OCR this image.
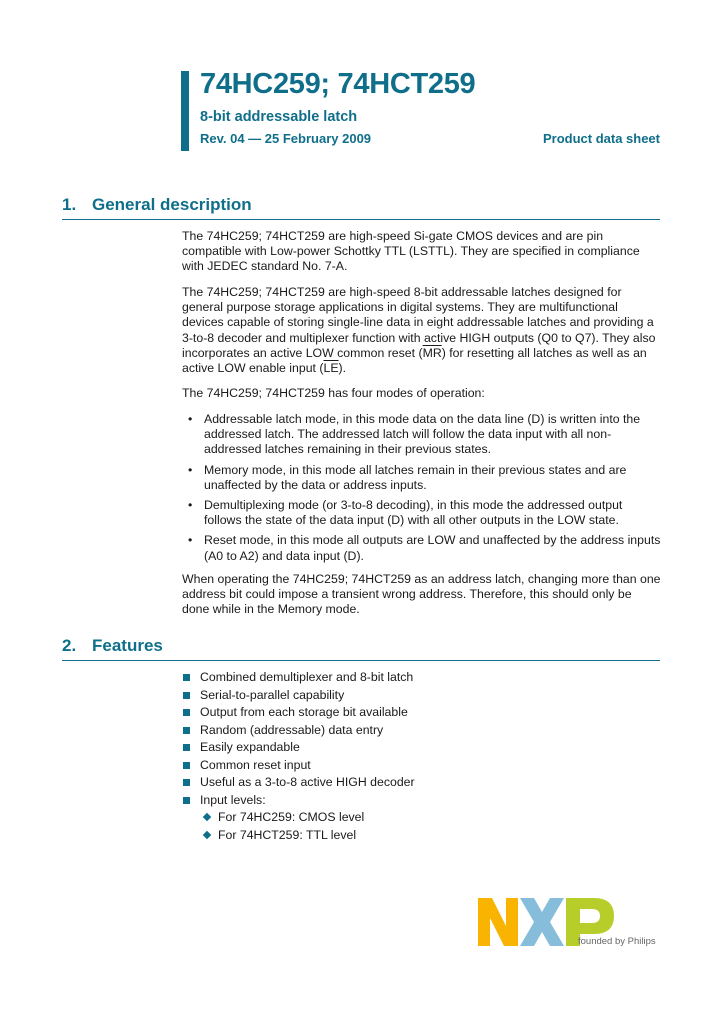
74HC259; 74HCT259
8-bit addressable latch
Rev. 04 — 25 February 2009	Product data sheet
1. General description
The 74HC259; 74HCT259 are high-speed Si-gate CMOS devices and are pin compatible with Low-power Schottky TTL (LSTTL). They are specified in compliance with JEDEC standard No. 7-A.
The 74HC259; 74HCT259 are high-speed 8-bit addressable latches designed for general purpose storage applications in digital systems. They are multifunctional devices capable of storing single-line data in eight addressable latches and providing a 3-to-8 decoder and multiplexer function with active HIGH outputs (Q0 to Q7). They also incorporates an active LOW common reset $(\overline{MR})$ for resetting all latches as well as an active LOW enable input $(\overline{LE})$.
The 74HC259; 74HCT259 has four modes of operation:
• Addressable latch mode, in this mode data on the data line (D) is written into the addressed latch. The addressed latch will follow the data input with all non-addressed latches remaining in their previous states.
• Memory mode, in this mode all latches remain in their previous states and are unaffected by the data or address inputs.
• Demultiplexing mode (or 3-to-8 decoding), in this mode the addressed output follows the state of the data input (D) with all other outputs in the LOW state.
• Reset mode, in this mode all outputs are LOW and unaffected by the address inputs (A0 to A2) and data input (D).
When operating the 74HC259; 74HCT259 as an address latch, changing more than one address bit could impose a transient wrong address. Therefore, this should only be done while in the Memory mode.
2. Features
Combined demultiplexer and 8-bit latch
Serial-to-parallel capability
Output from each storage bit available
Random (addressable) data entry
Easily expandable
Common reset input
Useful as a 3-to-8 active HIGH decoder
Input levels:
For 74HC259: CMOS level
For 74HCT259: TTL level
founded by Philips
